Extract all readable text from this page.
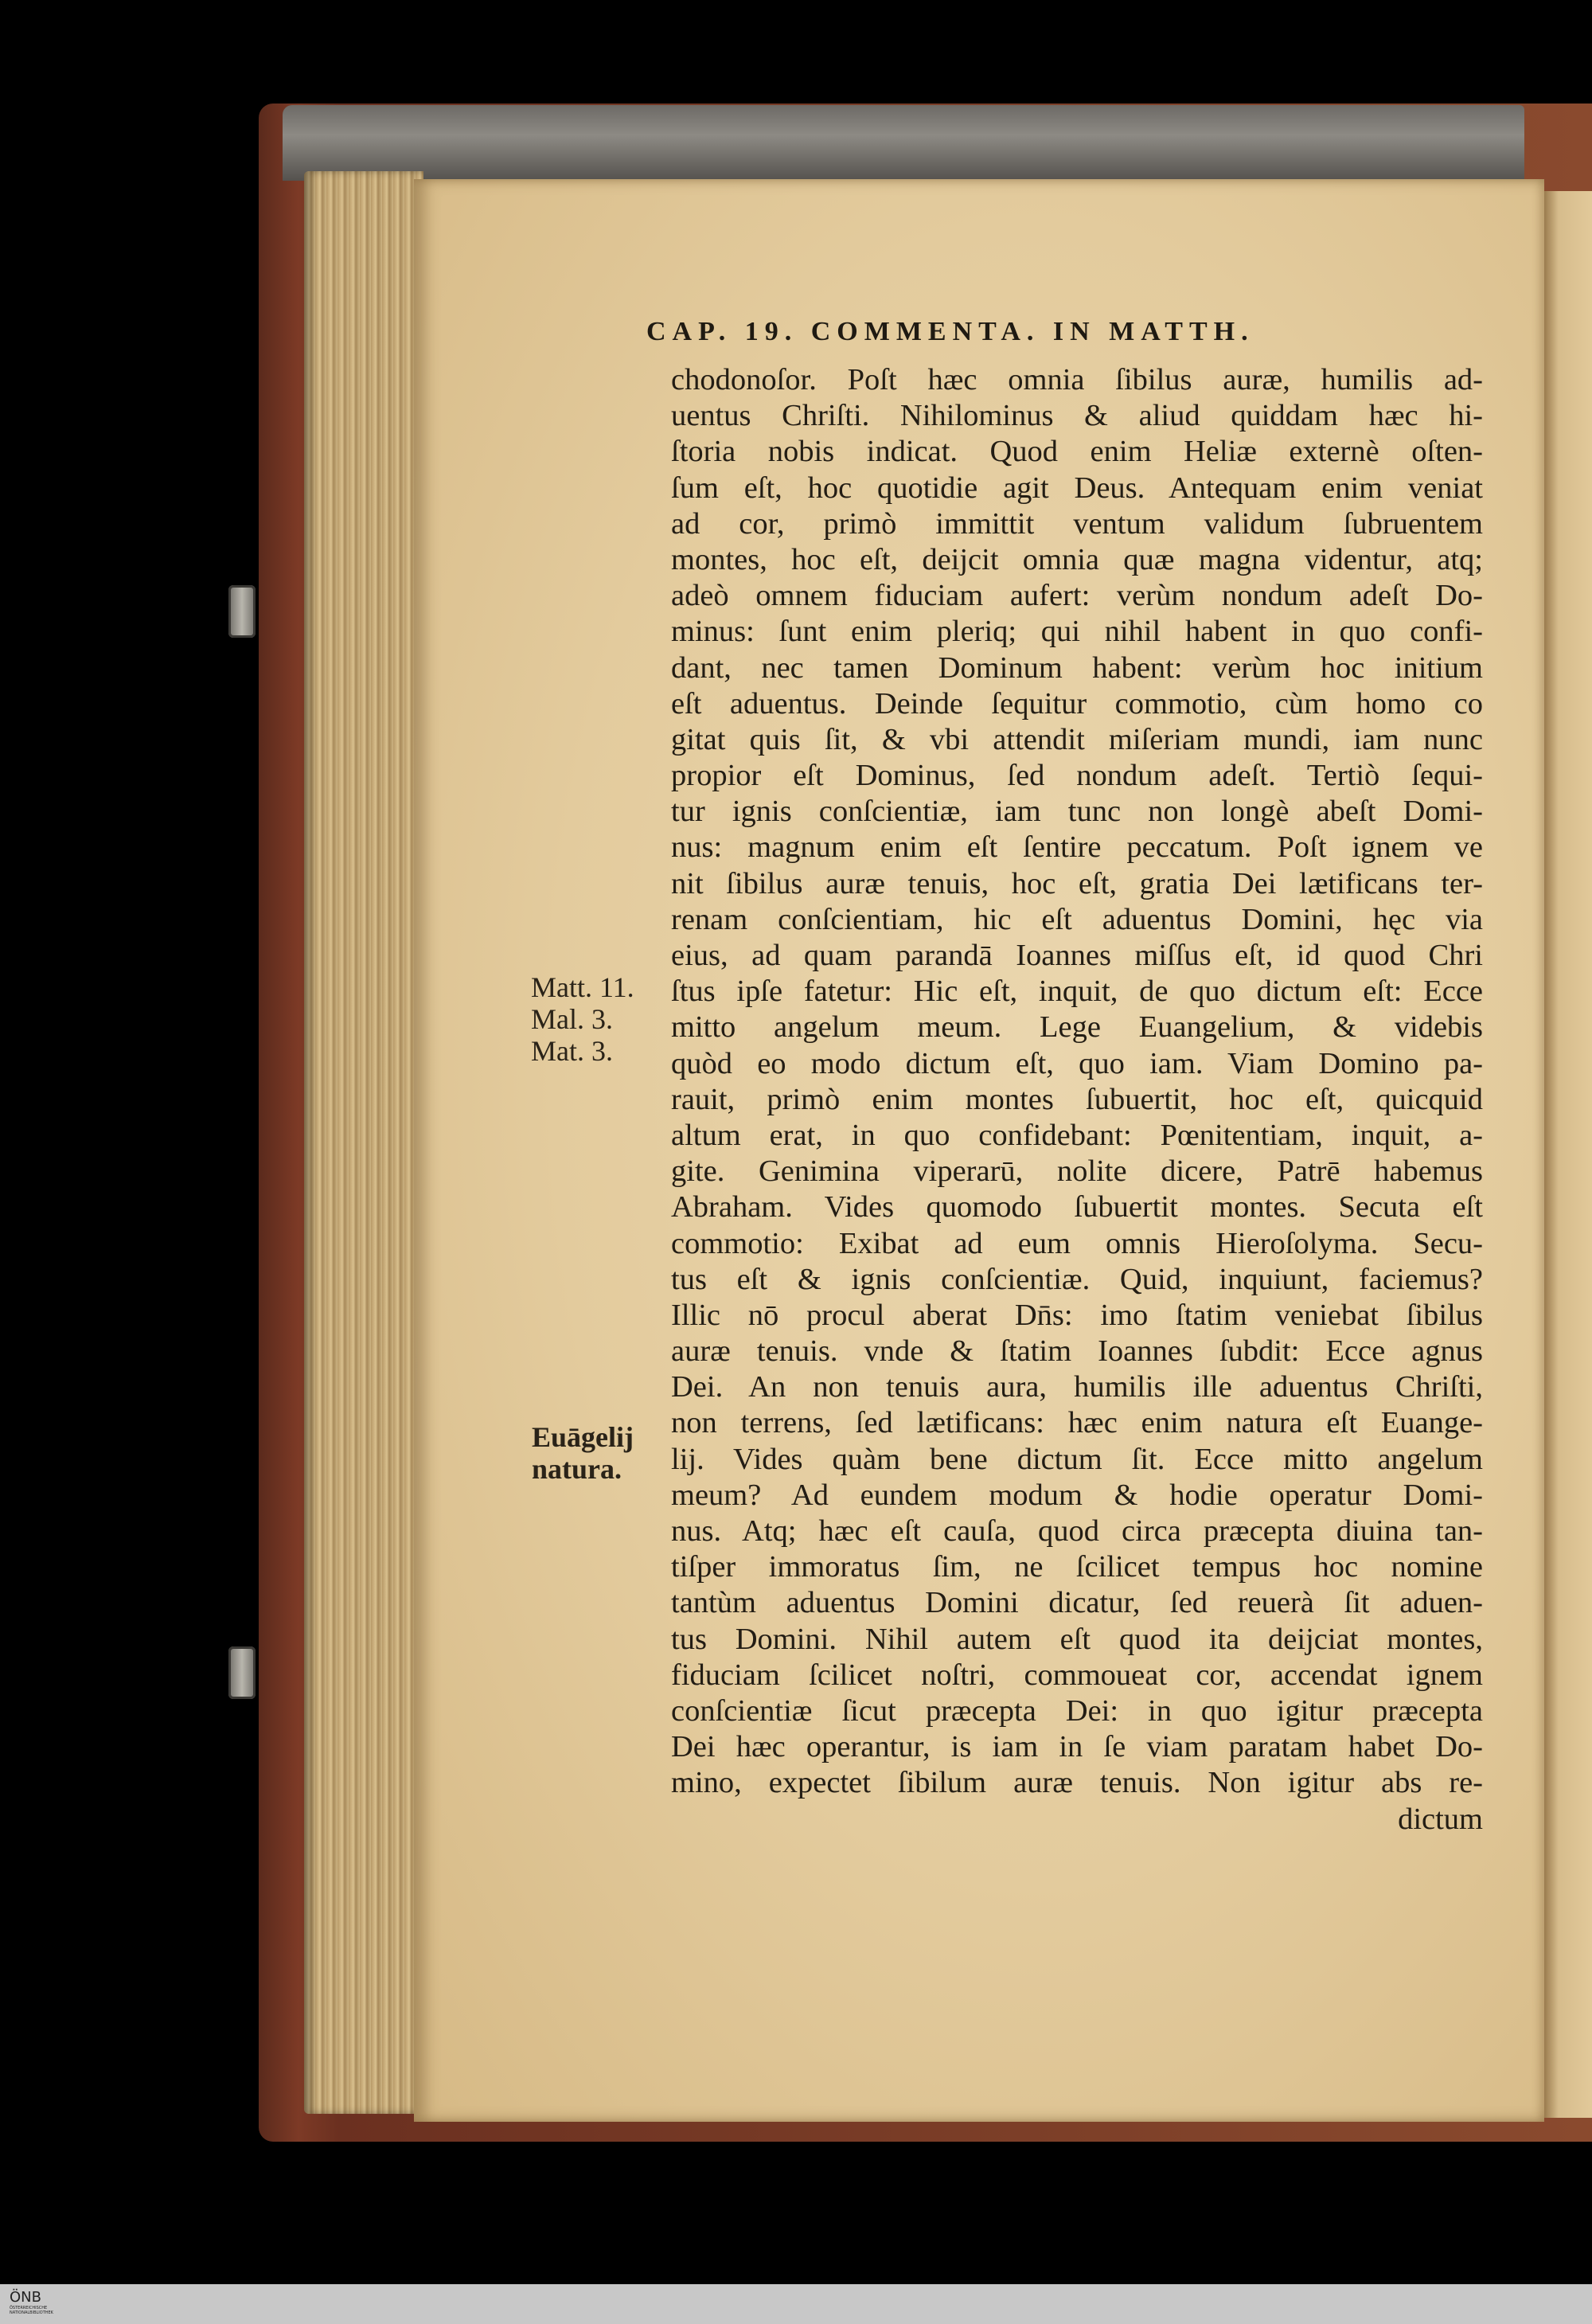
CAP. 19. COMMENTA. IN MATTH.
chodonoſor. Poſt hæc omnia ſibilus auræ, humilis ad-
uentus Chriſti. Nihilominus & aliud quiddam hæc hi-
ſtoria nobis indicat. Quod enim Heliæ externè oſten-
ſum eſt, hoc quotidie agit Deus. Antequam enim veniat
ad cor, primò immittit ventum validum ſubruentem
montes, hoc eſt, deijcit omnia quæ magna videntur, atq;
adeò omnem fiduciam aufert: verùm nondum adeſt Do-
minus: ſunt enim pleriq; qui nihil habent in quo confi-
dant, nec tamen Dominum habent: verùm hoc initium
eſt aduentus. Deinde ſequitur commotio, cùm homo co
gitat quis ſit, & vbi attendit miſeriam mundi, iam nunc
propior eſt Dominus, ſed nondum adeſt. Tertiò ſequi-
tur ignis conſcientiæ, iam tunc non longè abeſt Domi-
nus: magnum enim eſt ſentire peccatum. Poſt ignem ve
nit ſibilus auræ tenuis, hoc eſt, gratia Dei lætificans ter-
renam conſcientiam, hic eſt aduentus Domini, hęc via
eius, ad quam parandā Ioannes miſſus eſt, id quod Chri
ſtus ipſe fatetur: Hic eſt, inquit, de quo dictum eſt: Ecce
mitto angelum meum. Lege Euangelium, & videbis
quòd eo modo dictum eſt, quo iam. Viam Domino pa-
rauit, primò enim montes ſubuertit, hoc eſt, quicquid
altum erat, in quo confidebant: Pœnitentiam, inquit, a-
gite. Genimina viperarū, nolite dicere, Patrē habemus
Abraham. Vides quomodo ſubuertit montes. Secuta eſt
commotio: Exibat ad eum omnis Hieroſolyma. Secu-
tus eſt & ignis conſcientiæ. Quid, inquiunt, faciemus?
Illic nō procul aberat Dn̄s: imo ſtatim veniebat ſibilus
auræ tenuis. vnde & ſtatim Ioannes ſubdit: Ecce agnus
Dei. An non tenuis aura, humilis ille aduentus Chriſti,
non terrens, ſed lætificans: hæc enim natura eſt Euange-
lij. Vides quàm bene dictum ſit. Ecce mitto angelum
meum? Ad eundem modum & hodie operatur Domi-
nus. Atq; hæc eſt cauſa, quod circa præcepta diuina tan-
tiſper immoratus ſim, ne ſcilicet tempus hoc nomine
tantùm aduentus Domini dicatur, ſed reuerà ſit aduen-
tus Domini. Nihil autem eſt quod ita deijciat montes,
fiduciam ſcilicet noſtri, commoueat cor, accendat ignem
conſcientiæ ſicut præcepta Dei: in quo igitur præcepta
Dei hæc operantur, is iam in ſe viam paratam habet Do-
mino, expectet ſibilum auræ tenuis. Non igitur abs re-
dictum
Matt. 11.
Mal. 3.
Mat. 3.
Euāgelij
natura.
ÖNB
ÖSTERREICHISCHE NATIONALBIBLIOTHEK
